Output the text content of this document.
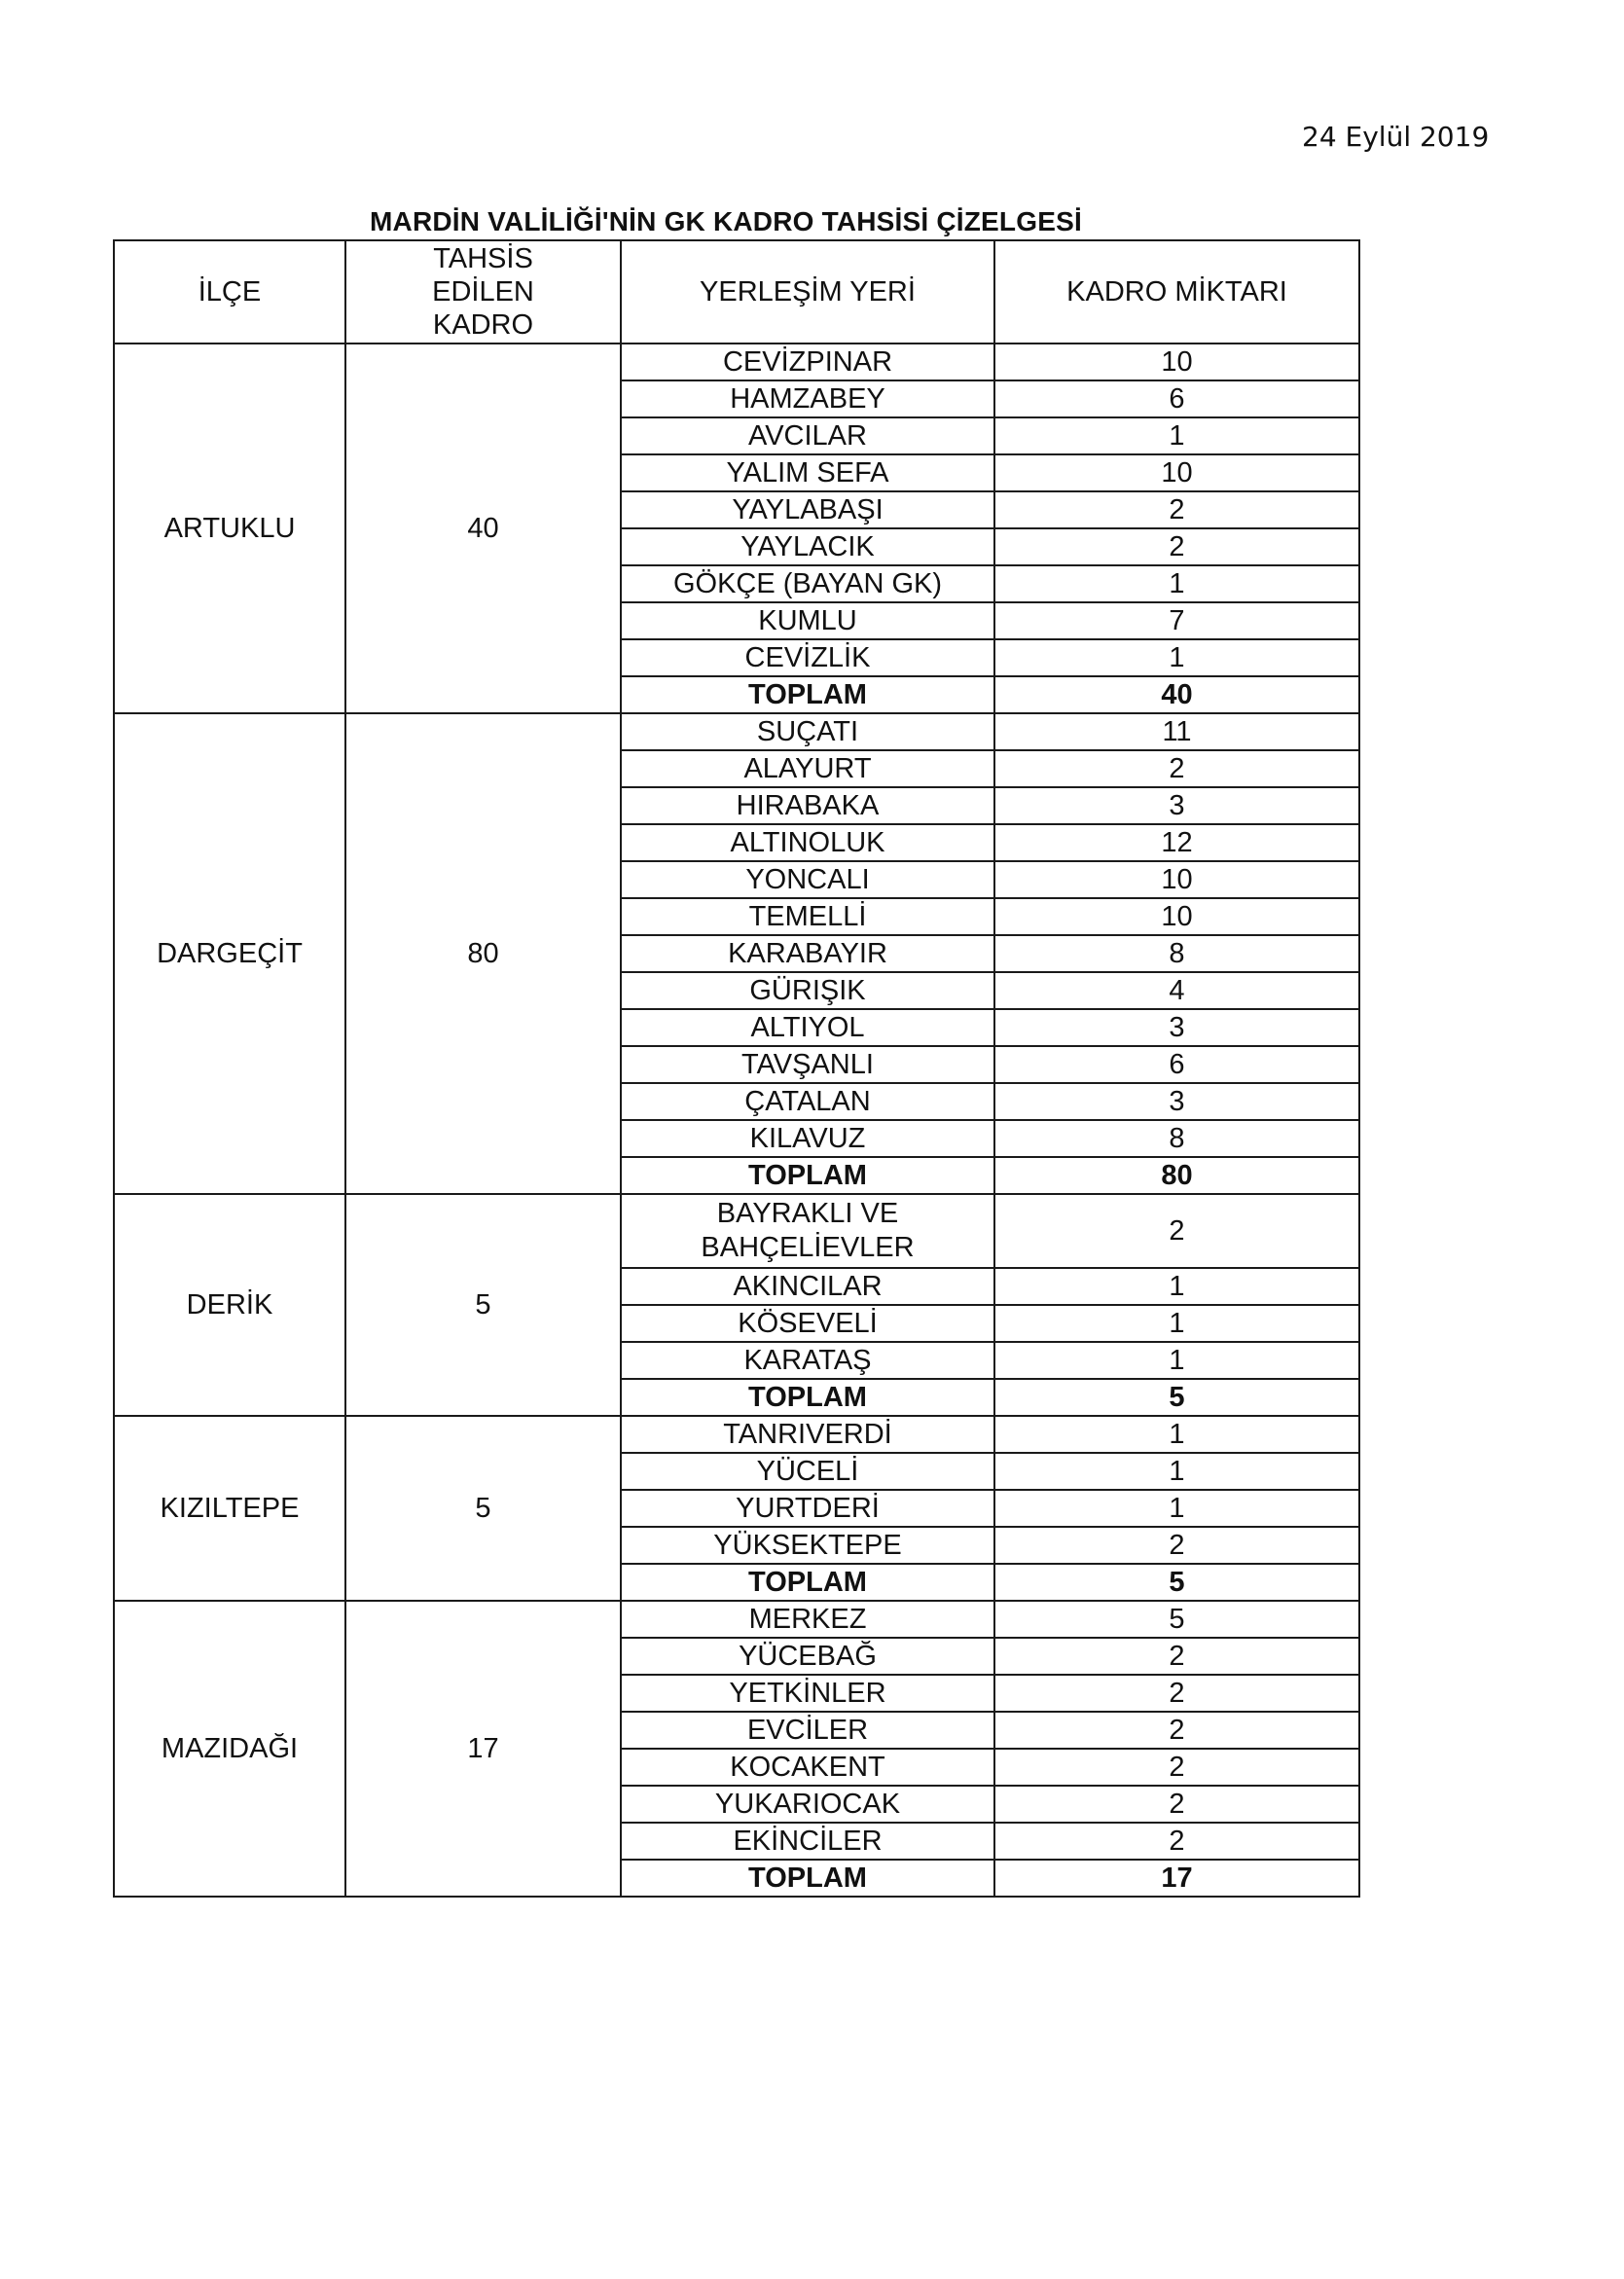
24 Eylül 2019
MARDİN VALİLİĞİ'NİN GK KADRO TAHSİSİ ÇİZELGESİ
İLÇE	TAHSİS EDİLEN KADRO	YERLEŞİM YERİ	KADRO MİKTARI
ARTUKLU	40	CEVİZPINAR	10
		HAMZABEY	6
		AVCILAR	1
		YALIM SEFA	10
		YAYLABAŞI	2
		YAYLACIK	2
		GÖKÇE (BAYAN GK)	1
		KUMLU	7
		CEVİZLİK	1
		TOPLAM	40
DARGEÇİT	80	SUÇATI	11
		ALAYURT	2
		HIRABAKA	3
		ALTINOLUK	12
		YONCALI	10
		TEMELLİ	10
		KARABAYIR	8
		GÜRIŞIK	4
		ALTIYOL	3
		TAVŞANLI	6
		ÇATALAN	3
		KILAVUZ	8
		TOPLAM	80
DERİK	5	BAYRAKLI VE BAHÇELİEVLER	2
		AKINCILAR	1
		KÖSEVELİ	1
		KARATAŞ	1
		TOPLAM	5
KIZILTEPE	5	TANRIVERDİ	1
		YÜCELİ	1
		YURTDERİ	1
		YÜKSEKTEPE	2
		TOPLAM	5
MAZIDAĞI	17	MERKEZ	5
		YÜCEBAĞ	2
		YETKİNLER	2
		EVCİLER	2
		KOCAKENT	2
		YUKARIOCAK	2
		EKİNCİLER	2
		TOPLAM	17
